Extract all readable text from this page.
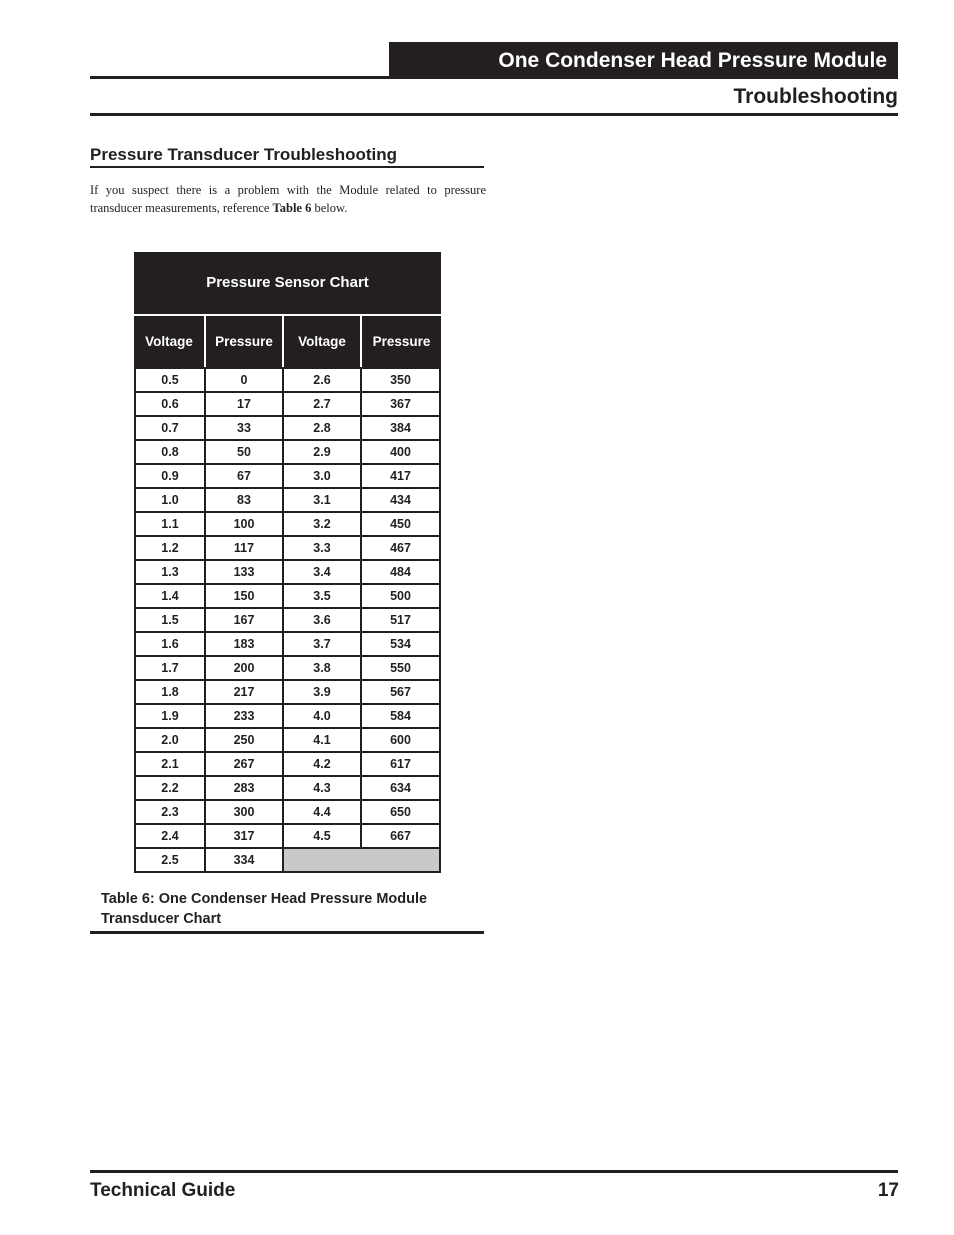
One Condenser Head Pressure Module
Troubleshooting
Pressure Transducer Troubleshooting
If you suspect there is a problem with the Module related to pressure transducer measurements, reference Table 6 below.
Pressure Sensor Chart
Voltage	Pressure	Voltage	Pressure
0.5	0	2.6	350
0.6	17	2.7	367
0.7	33	2.8	384
0.8	50	2.9	400
0.9	67	3.0	417
1.0	83	3.1	434
1.1	100	3.2	450
1.2	117	3.3	467
1.3	133	3.4	484
1.4	150	3.5	500
1.5	167	3.6	517
1.6	183	3.7	534
1.7	200	3.8	550
1.8	217	3.9	567
1.9	233	4.0	584
2.0	250	4.1	600
2.1	267	4.2	617
2.2	283	4.3	634
2.3	300	4.4	650
2.4	317	4.5	667
2.5	334
Table 6: One Condenser Head Pressure Module
Transducer Chart
Technical Guide	17
